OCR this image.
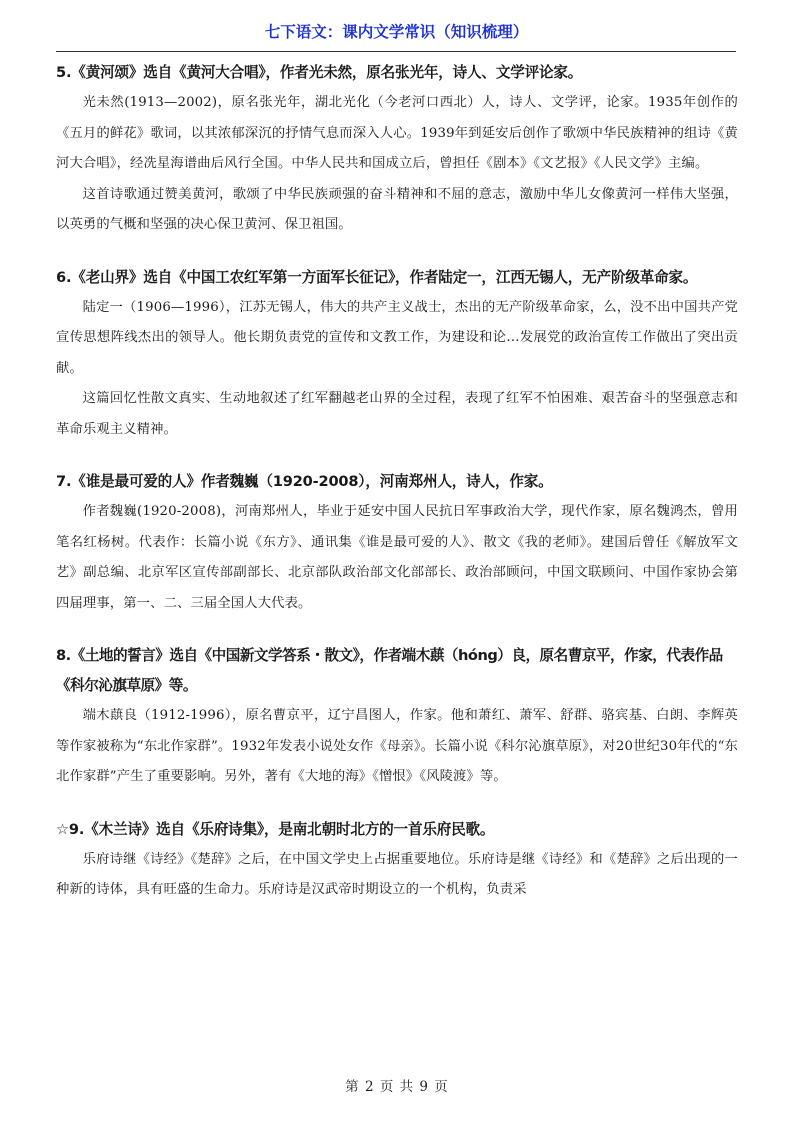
七下语文：课内文学常识（知识梳理）

5.《黄河颂》选自《黄河大合唱》，作者光未然，原名张光年，诗人、文学评论家。

光未然(1913—2002)，原名张光年，湖北光化（今老河口西北）人，诗人、文学评，论家。1935年创作的《五月的鲜花》歌词，以其浓郁深沉的抒情气息而深入人心。1939年到延安后创作了歌颂中华民族精神的组诗《黄河大合唱》，经冼星海谱曲后风行全国。中华人民共和国成立后，曾担任《剧本》《文艺报》《人民文学》主编。

这首诗歌通过赞美黄河，歌颂了中华民族顽强的奋斗精神和不屈的意志，激励中华儿女像黄河一样伟大坚强，以英勇的气概和坚强的决心保卫黄河、保卫祖国。

6.《老山界》选自《中国工农红军第一方面军长征记》，作者陆定一，江西无锡人，无产阶级革命家。

陆定一（1906—1996），江苏无锡人，伟大的共产主义战士，杰出的无产阶级革命家，么，没不出中国共产党宣传思想阵线杰出的领导人。他长期负责党的宣传和文教工作，为建设和论…发展党的政治宣传工作做出了突出贡献。

这篇回忆性散文真实、生动地叙述了红军翻越老山界的全过程，表现了红军不怕困难、艰苦奋斗的坚强意志和革命乐观主义精神。

7.《谁是最可爱的人》作者魏巍（1920-2008），河南郑州人，诗人，作家。

作者魏巍(1920-2008)，河南郑州人，毕业于延安中国人民抗日军事政治大学，现代作家，原名魏鸿杰，曾用笔名红杨树。代表作：长篇小说《东方》、通讯集《谁是最可爱的人》、散文《我的老师》。建国后曾任《解放军文艺》副总编、北京军区宣传部副部长、北京部队政治部文化部部长、政治部顾问，中国文联顾问、中国作家协会第四届理事，第一、二、三届全国人大代表。

8.《土地的誓言》选自《中国新文学答系・散文》，作者端木蕻（hóng）良，原名曹京平，作家，代表作品《科尔沁旗草原》等。

端木蕻良（1912-1996），原名曹京平，辽宁昌图人，作家。他和萧红、萧军、舒群、骆宾基、白朗、李辉英等作家被称为“东北作家群”。1932年发表小说处女作《母亲》。长篇小说《科尔沁旗草原》，对20世纪30年代的“东北作家群”产生了重要影响。另外，著有《大地的海》《憎恨》《风陵渡》等。

☆9.《木兰诗》选自《乐府诗集》，是南北朝时北方的一首乐府民歌。

乐府诗继《诗经》《楚辞》之后，在中国文学史上占据重要地位。乐府诗是继《诗经》和《楚辞》之后出现的一种新的诗体，具有旺盛的生命力。乐府诗是汉武帝时期设立的一个机构，负责采

第 2 页 共 9 页
